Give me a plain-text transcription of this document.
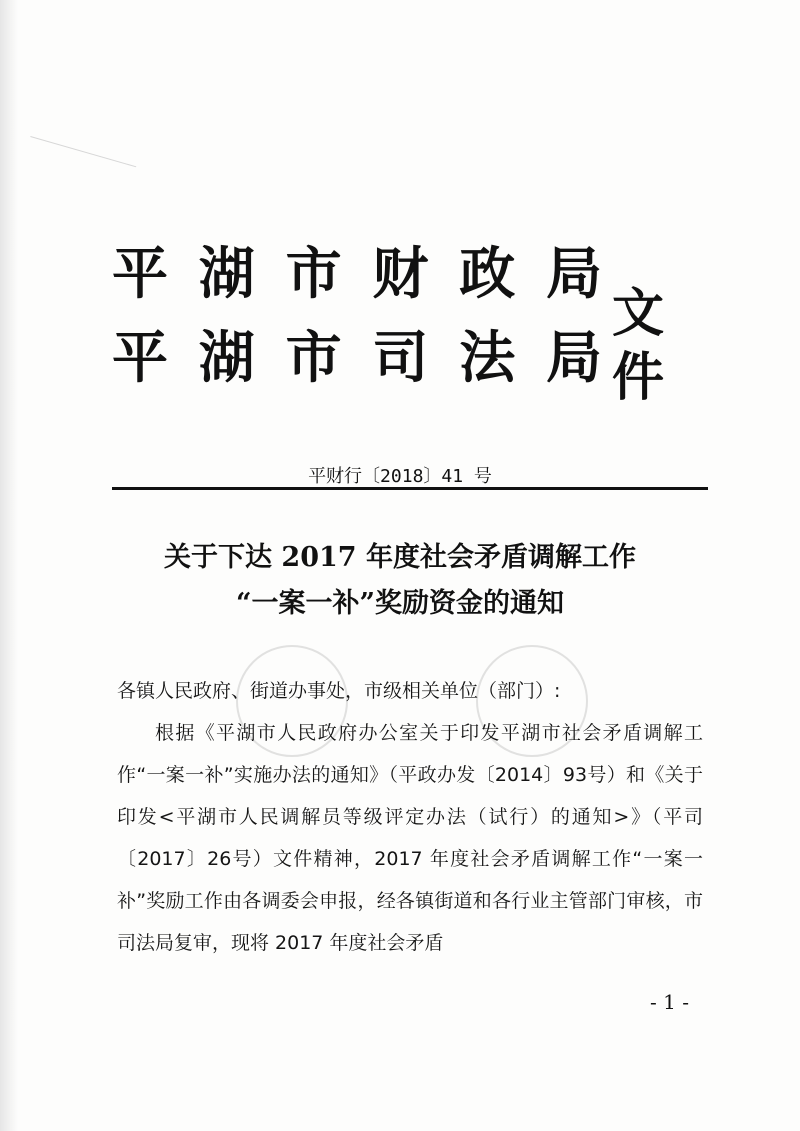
平 湖 市 财 政 局
平 湖 市 司 法 局
文件
平财行〔2018〕41 号
关于下达 2017 年度社会矛盾调解工作
“一案一补”奖励资金的通知

各镇人民政府、街道办事处，市级相关单位（部门）:

根据《平湖市人民政府办公室关于印发平湖市社会矛盾调解工作“一案一补”实施办法的通知》（平政办发〔2014〕93号）和《关于印发<平湖市人民调解员等级评定办法（试行）的通知>》（平司〔2017〕26号）文件精神，2017 年度社会矛盾调解工作“一案一补”奖励工作由各调委会申报，经各镇街道和各行业主管部门审核，市司法局复审，现将 2017 年度社会矛盾

- 1 -
